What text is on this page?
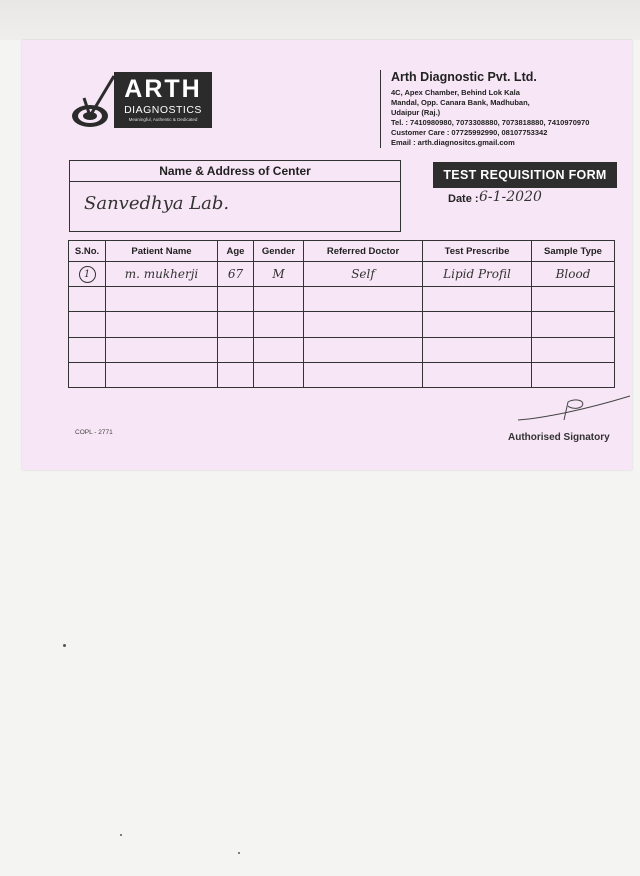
ARTH
DIAGNOSTICS
Meaningful, Authentic & Dedicated
Arth Diagnostic Pvt. Ltd.
4C, Apex Chamber, Behind Lok Kala
Mandal, Opp. Canara Bank, Madhuban,
Udaipur (Raj.)
Tel. : 7410980980, 7073308880, 7073818880, 7410970970
Customer Care : 07725992990, 08107753342
Email : arth.diagnositcs.gmail.com
Name & Address of Center
Sanvedhya Lab.
TEST REQUISITION FORM
Date : 6-1-2020
S.No.	Patient Name	Age	Gender	Referred Doctor	Test Prescribe	Sample Type
1	m. mukherji	67	M	Self	Lipid Profil	Blood

COPL - 2771	Authorised Signatory
